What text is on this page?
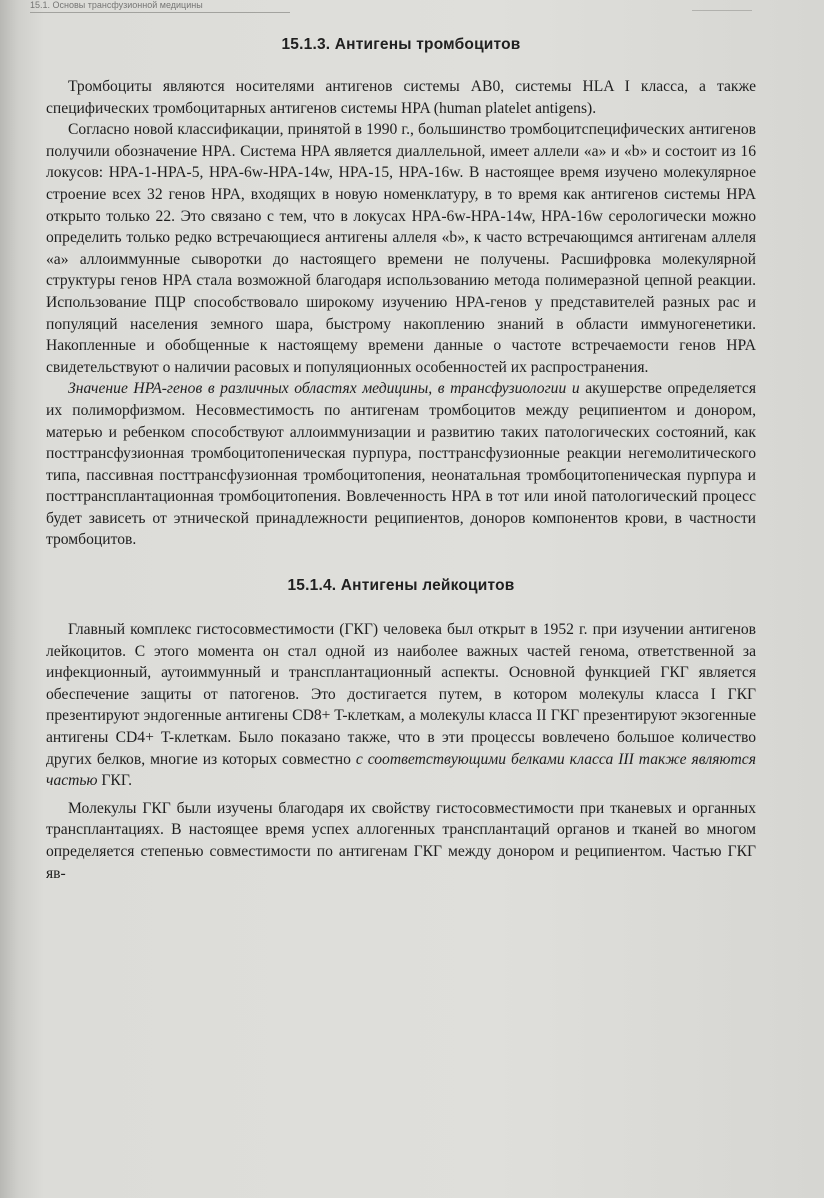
15.1. Основы трансфузионной медицины
15.1.3. Антигены тромбоцитов

Тромбоциты являются носителями антигенов системы AB0, системы HLA I класса, а также специфических тромбоцитарных антигенов системы HPA (human platelet antigens).

Согласно новой классификации, принятой в 1990 г., большинство тромбоцитспецифических антигенов получили обозначение HPA. Система HPA является диаллельной, имеет аллели «a» и «b» и состоит из 16 локусов: HPA-1-HPA-5, HPA-6w-HPA-14w, HPA-15, HPA-16w. В настоящее время изучено молекулярное строение всех 32 генов HPA, входящих в новую номенклатуру, в то время как антигенов системы HPA открыто только 22. Это связано с тем, что в локусах HPA-6w-HPA-14w, HPA-16w серологически можно определить только редко встречающиеся антигены аллеля «b», к часто встречающимся антигенам аллеля «a» аллоиммунные сыворотки до настоящего времени не получены. Расшифровка молекулярной структуры генов HPA стала возможной благодаря использованию метода полимеразной цепной реакции. Использование ПЦР способствовало широкому изучению HPA-генов у представителей разных рас и популяций населения земного шара, быстрому накоплению знаний в области иммуногенетики. Накопленные и обобщенные к настоящему времени данные о частоте встречаемости генов HPA свидетельствуют о наличии расовых и популяционных особенностей их распространения.

Значение HPA-генов в различных областях медицины, в трансфузиологии и акушерстве определяется их полиморфизмом. Несовместимость по антигенам тромбоцитов между реципиентом и донором, матерью и ребенком способствуют аллоиммунизации и развитию таких патологических состояний, как посттрансфузионная тромбоцитопеническая пурпура, посттрансфузионные реакции негемолитического типа, пассивная посттрансфузионная тромбоцитопения, неонатальная тромбоцитопеническая пурпура и посттрансплантационная тромбоцитопения. Вовлеченность HPA в тот или иной патологический процесс будет зависеть от этнической принадлежности реципиентов, доноров компонентов крови, в частности тромбоцитов.

15.1.4. Антигены лейкоцитов

Главный комплекс гистосовместимости (ГКГ) человека был открыт в 1952 г. при изучении антигенов лейкоцитов. С этого момента он стал одной из наиболее важных частей генома, ответственной за инфекционный, аутоиммунный и трансплантационный аспекты. Основной функцией ГКГ является обеспечение защиты от патогенов. Это достигается путем, в котором молекулы класса I ГКГ презентируют эндогенные антигены CD8+ T-клеткам, а молекулы класса II ГКГ презентируют экзогенные антигены CD4+ T-клеткам. Было показано также, что в эти процессы вовлечено большое количество других белков, многие из которых совместно с соответствующими белками класса III также являются частью ГКГ.

Молекулы ГКГ были изучены благодаря их свойству гистосовместимости при тканевых и органных трансплантациях. В настоящее время успех аллогенных трансплантаций органов и тканей во многом определяется степенью совместимости по антигенам ГКГ между донором и реципиентом. Частью ГКГ яв-
